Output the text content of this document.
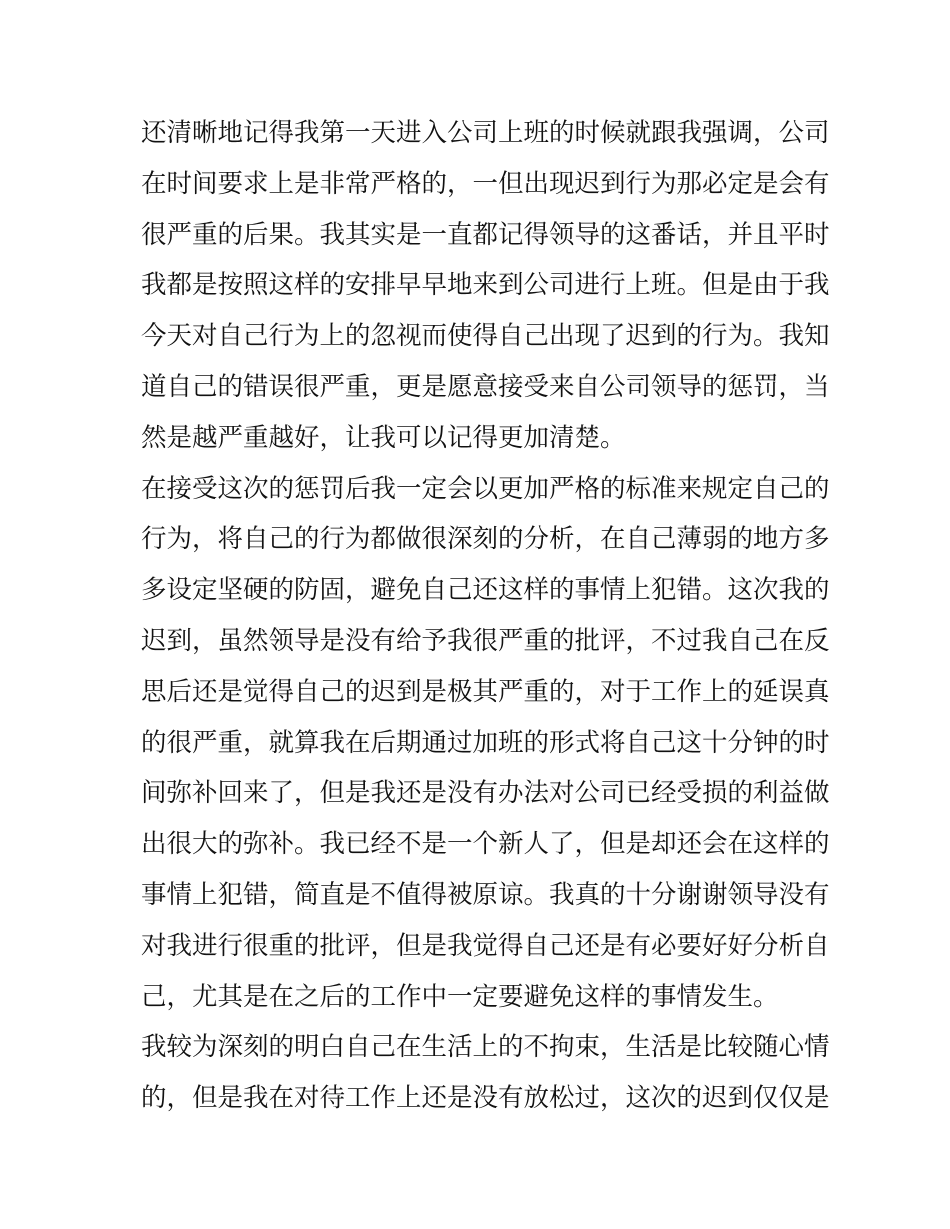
还清晰地记得我第一天进入公司上班的时候就跟我强调，公司
在时间要求上是非常严格的，一但出现迟到行为那必定是会有
很严重的后果。我其实是一直都记得领导的这番话，并且平时
我都是按照这样的安排早早地来到公司进行上班。但是由于我
今天对自己行为上的忽视而使得自己出现了迟到的行为。我知
道自己的错误很严重，更是愿意接受来自公司领导的惩罚，当
然是越严重越好，让我可以记得更加清楚。
在接受这次的惩罚后我一定会以更加严格的标准来规定自己的
行为，将自己的行为都做很深刻的分析，在自己薄弱的地方多
多设定坚硬的防固，避免自己还这样的事情上犯错。这次我的
迟到，虽然领导是没有给予我很严重的批评，不过我自己在反
思后还是觉得自己的迟到是极其严重的，对于工作上的延误真
的很严重，就算我在后期通过加班的形式将自己这十分钟的时
间弥补回来了，但是我还是没有办法对公司已经受损的利益做
出很大的弥补。我已经不是一个新人了，但是却还会在这样的
事情上犯错，简直是不值得被原谅。我真的十分谢谢领导没有
对我进行很重的批评，但是我觉得自己还是有必要好好分析自
己，尤其是在之后的工作中一定要避免这样的事情发生。
我较为深刻的明白自己在生活上的不拘束，生活是比较随心情
的，但是我在对待工作上还是没有放松过，这次的迟到仅仅是
